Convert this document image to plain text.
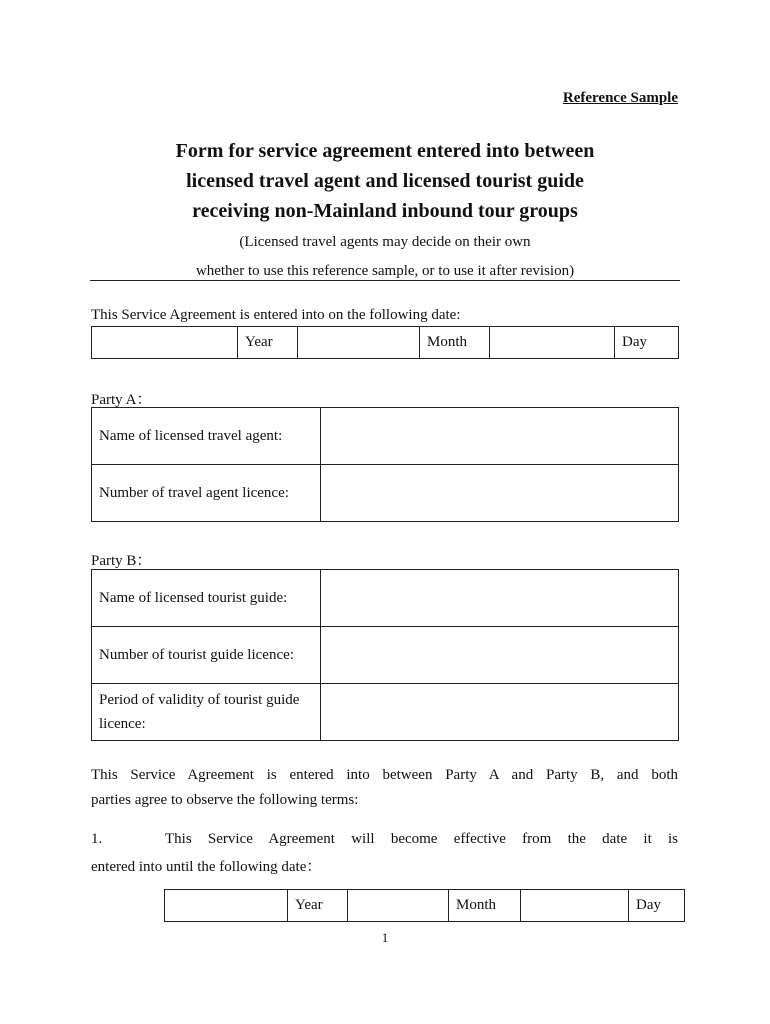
Reference Sample
Form for service agreement entered into between
licensed travel agent and licensed tourist guide
receiving non-Mainland inbound tour groups
(Licensed travel agents may decide on their own
whether to use this reference sample, or to use it after revision)
This Service Agreement is entered into on the following date:
	Year		Month		Day
Party A：
Name of licensed travel agent:	
Number of travel agent licence:	
Party B：
Name of licensed tourist guide:	
Number of tourist guide licence:	
Period of validity of tourist guide licence:	
This Service Agreement is entered into between Party A and Party B, and both
parties agree to observe the following terms:
1.	This Service Agreement will become effective from the date it is
entered into until the following date：
	Year		Month		Day
1
